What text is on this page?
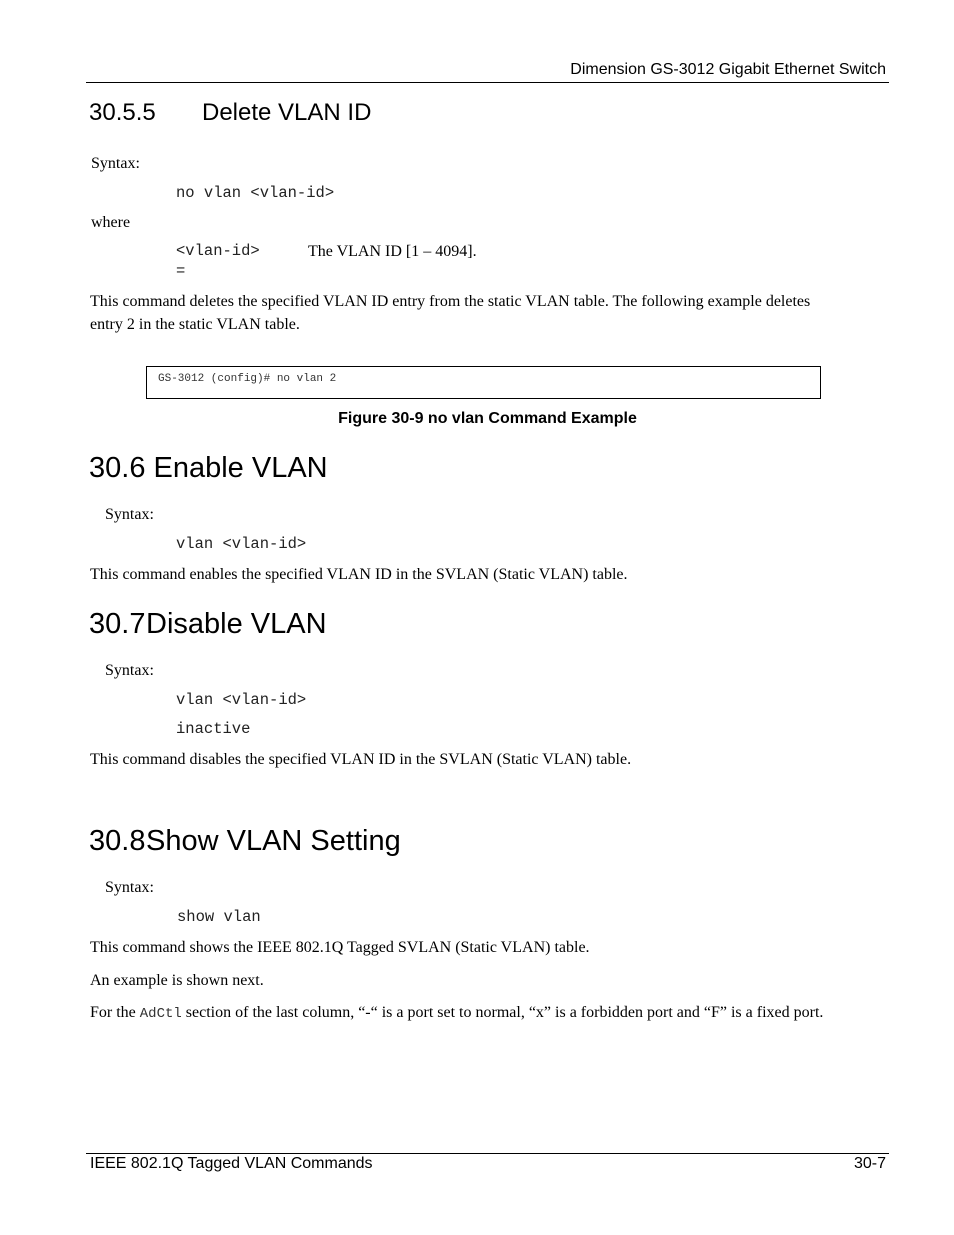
Dimension GS-3012 Gigabit Ethernet Switch
30.5.5 Delete VLAN ID
Syntax:
no vlan <vlan-id>
where
<vlan-id>
=
The VLAN ID [1 – 4094].
This command deletes the specified VLAN ID entry from the static VLAN table. The following example deletes
entry 2 in the static VLAN table.
GS-3012 (config)# no vlan 2
Figure 30-9 no vlan Command Example
30.6 Enable VLAN
Syntax:
vlan <vlan-id>
This command enables the specified VLAN ID in the SVLAN (Static VLAN) table.
30.7 Disable VLAN
Syntax:
vlan <vlan-id>
inactive
This command disables the specified VLAN ID in the SVLAN (Static VLAN) table.
30.8 Show VLAN Setting
Syntax:
show vlan
This command shows the IEEE 802.1Q Tagged SVLAN (Static VLAN) table.
An example is shown next.
For the AdCtl section of the last column, “-“ is a port set to normal, “x” is a forbidden port and “F” is a fixed port.
IEEE 802.1Q Tagged VLAN Commands	30-7
